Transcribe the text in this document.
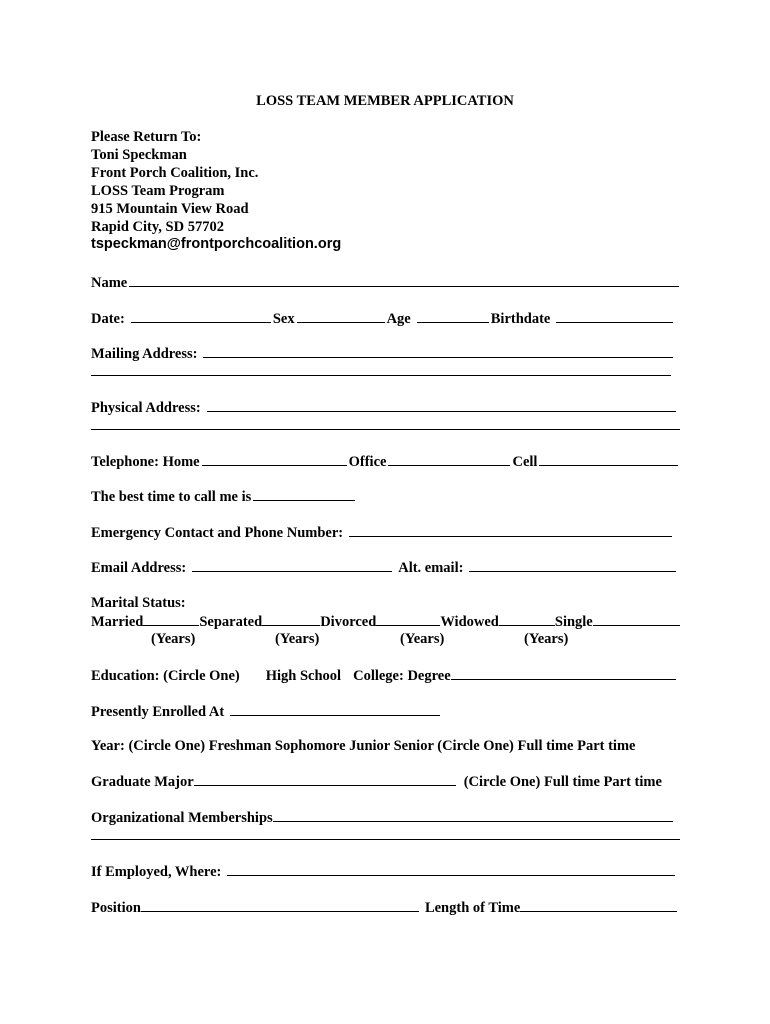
LOSS TEAM MEMBER APPLICATION
Please Return To:
Toni Speckman
Front Porch Coalition, Inc.
LOSS Team Program
915 Mountain View Road
Rapid City, SD 57702
tspeckman@frontporchcoalition.org
Name
Date:	Sex	Age	Birthdate
Mailing Address:
Physical Address:
Telephone: Home	Office	Cell
The best time to call me is
Emergency Contact and Phone Number:
Email Address:	Alt. email:
Marital Status:
Married	Separated	Divorced	Widowed	Single
(Years)	(Years)	(Years)	(Years)
Education: (Circle One) High School College: Degree
Presently Enrolled At
Year: (Circle One) Freshman Sophomore Junior Senior (Circle One) Full time Part time
Graduate Major	(Circle One) Full time Part time
Organizational Memberships
If Employed, Where:
Position	Length of Time
